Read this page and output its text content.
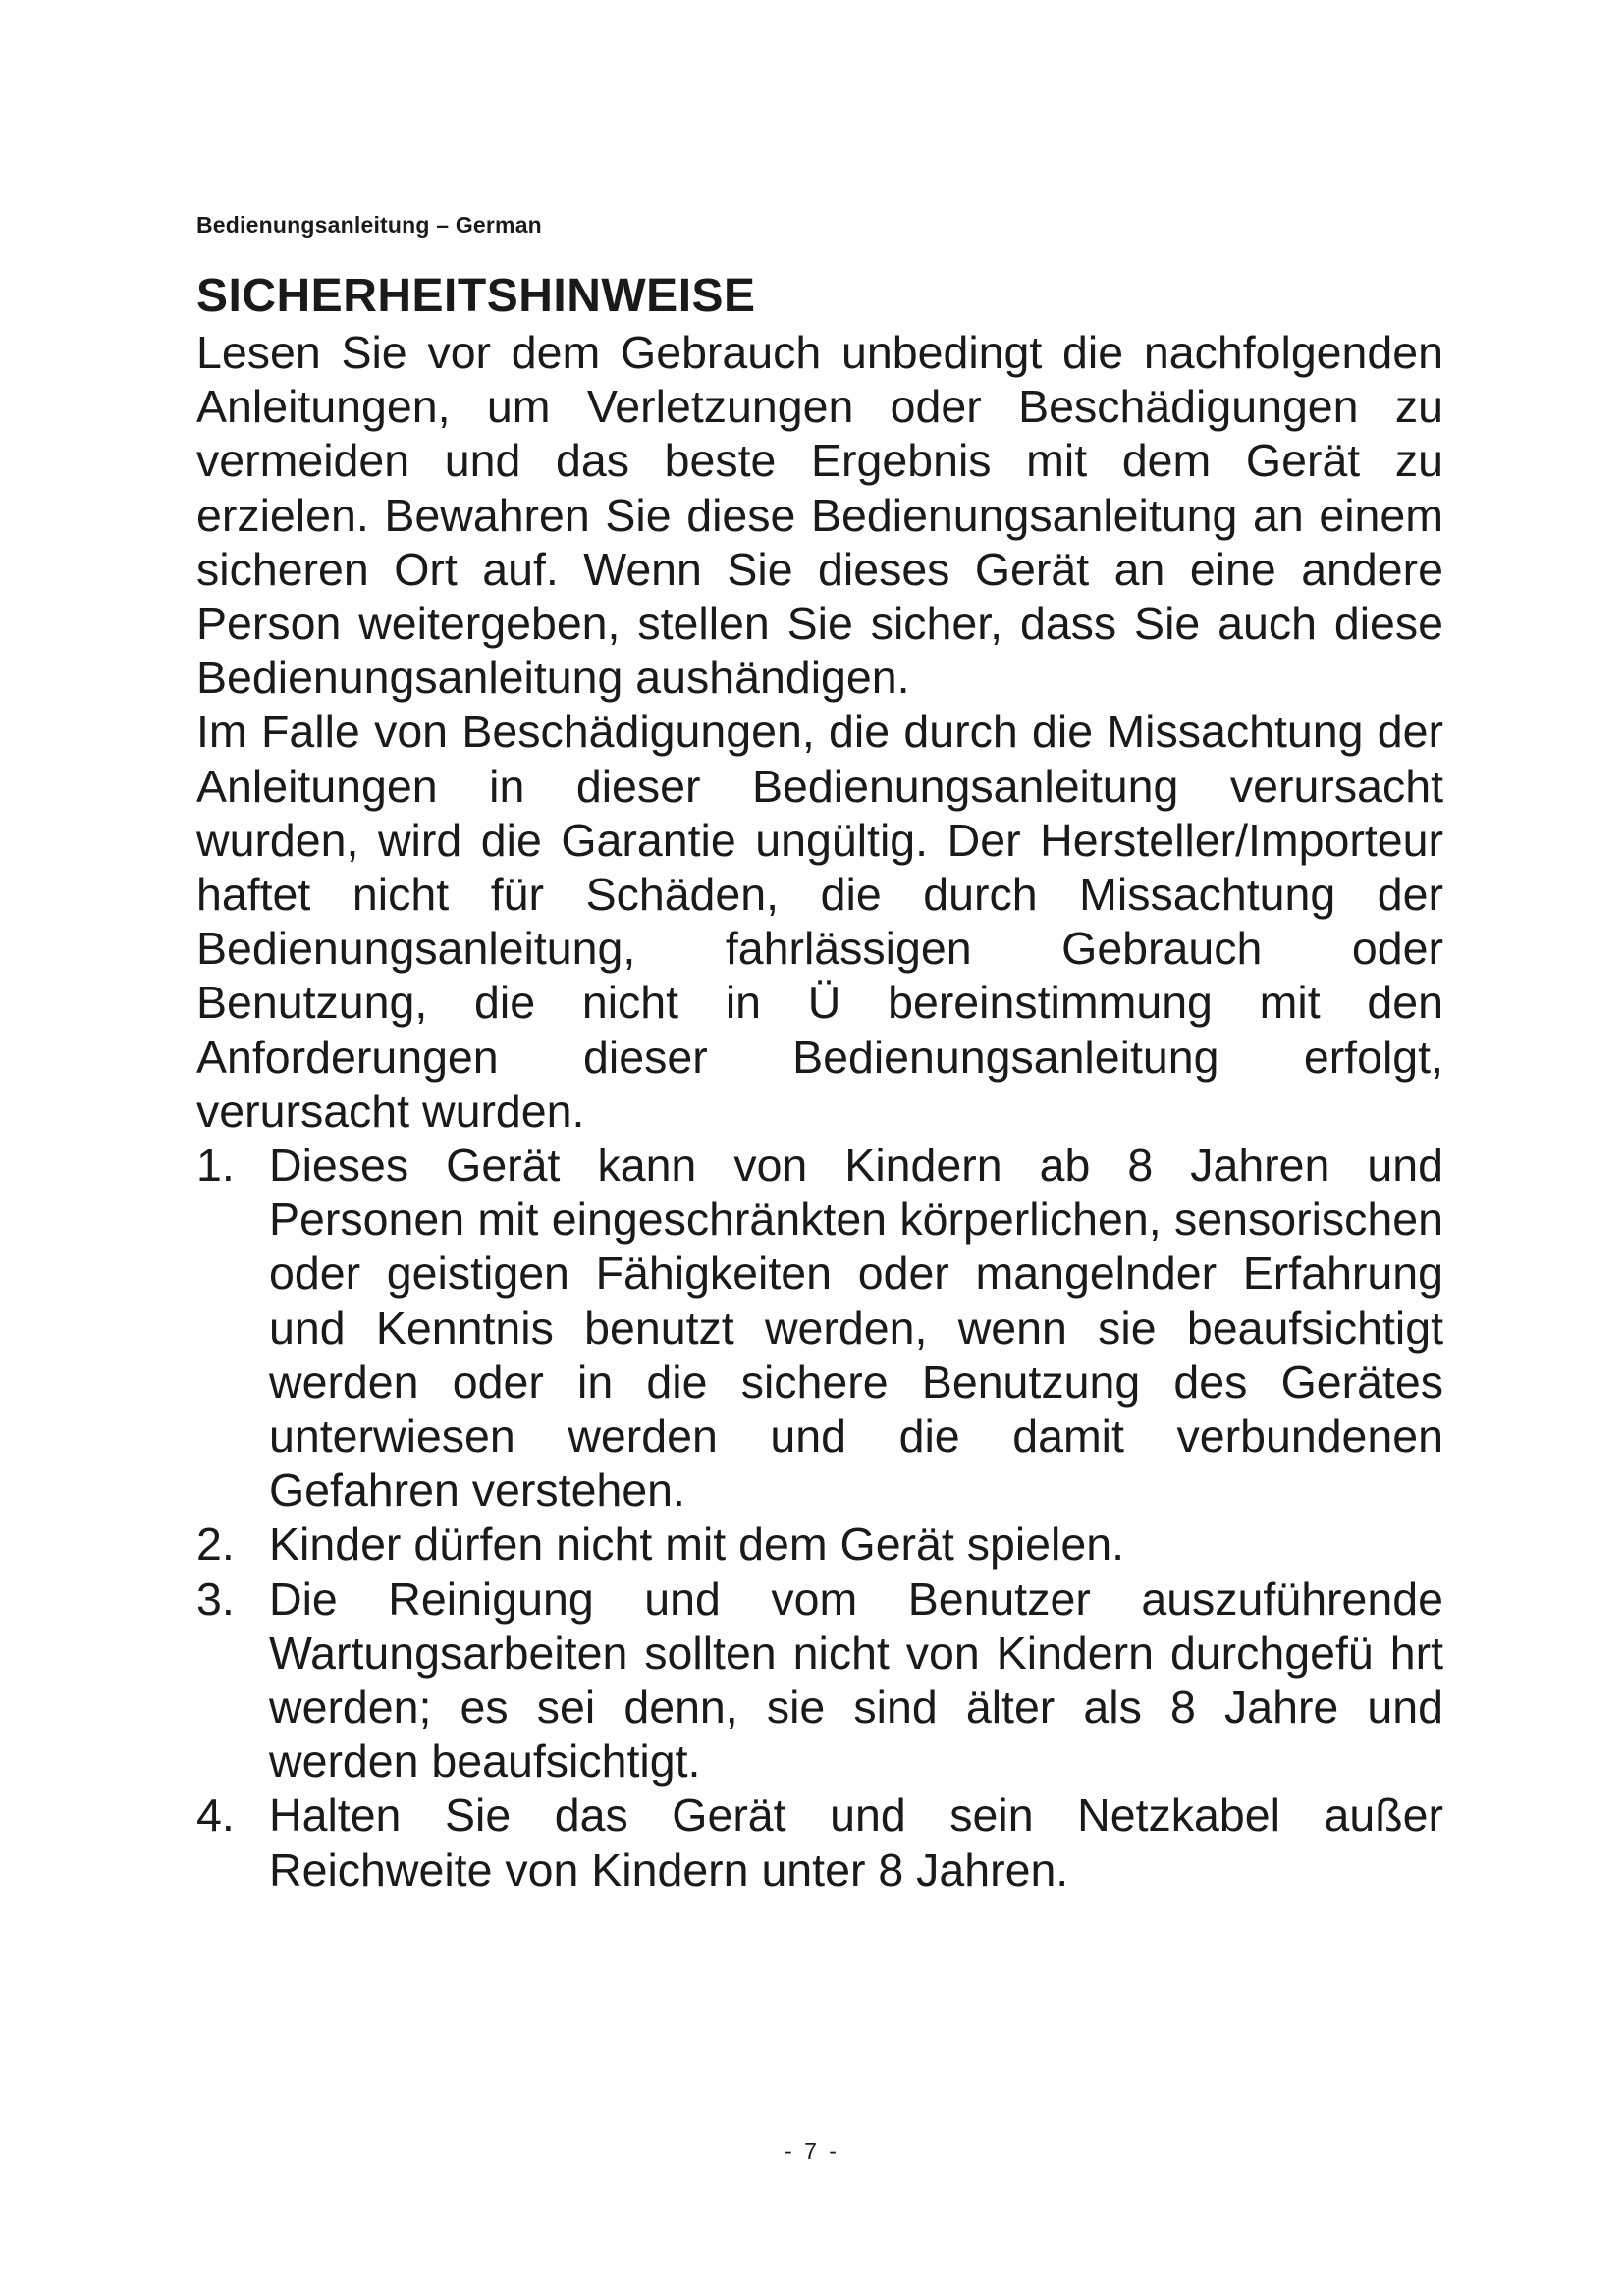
Bedienungsanleitung – German
SICHERHEITSHINWEISE

Lesen Sie vor dem Gebrauch unbedingt die nachfolgenden Anleitungen, um Verletzungen oder Beschädigungen zu vermeiden und das beste Ergebnis mit dem Gerät zu erzielen. Bewahren Sie diese Bedienungsanleitung an einem sicheren Ort auf. Wenn Sie dieses Gerät an eine andere Person weitergeben, stellen Sie sicher, dass Sie auch diese Bedienungsanleitung aushändigen.

Im Falle von Beschädigungen, die durch die Missachtung der Anleitungen in dieser Bedienungsanleitung verursacht wurden, wird die Garantie ungültig. Der Hersteller/Importeur haftet nicht für Schäden, die durch Missachtung der Bedienungsanleitung, fahrlässigen Gebrauch oder Benutzung, die nicht in Ü bereinstimmung mit den Anforderungen dieser Bedienungsanleitung erfolgt, verursacht wurden.

1. Dieses Gerät kann von Kindern ab 8 Jahren und Personen mit eingeschränkten körperlichen, sensorischen oder geistigen Fähigkeiten oder mangelnder Erfahrung und Kenntnis benutzt werden, wenn sie beaufsichtigt werden oder in die sichere Benutzung des Gerätes unterwiesen werden und die damit verbundenen Gefahren verstehen.
2. Kinder dürfen nicht mit dem Gerät spielen.
3. Die Reinigung und vom Benutzer auszuführende Wartungsarbeiten sollten nicht von Kindern durchgefü hrt werden; es sei denn, sie sind älter als 8 Jahre und werden beaufsichtigt.
4. Halten Sie das Gerät und sein Netzkabel außer Reichweite von Kindern unter 8 Jahren.
- 7 -
